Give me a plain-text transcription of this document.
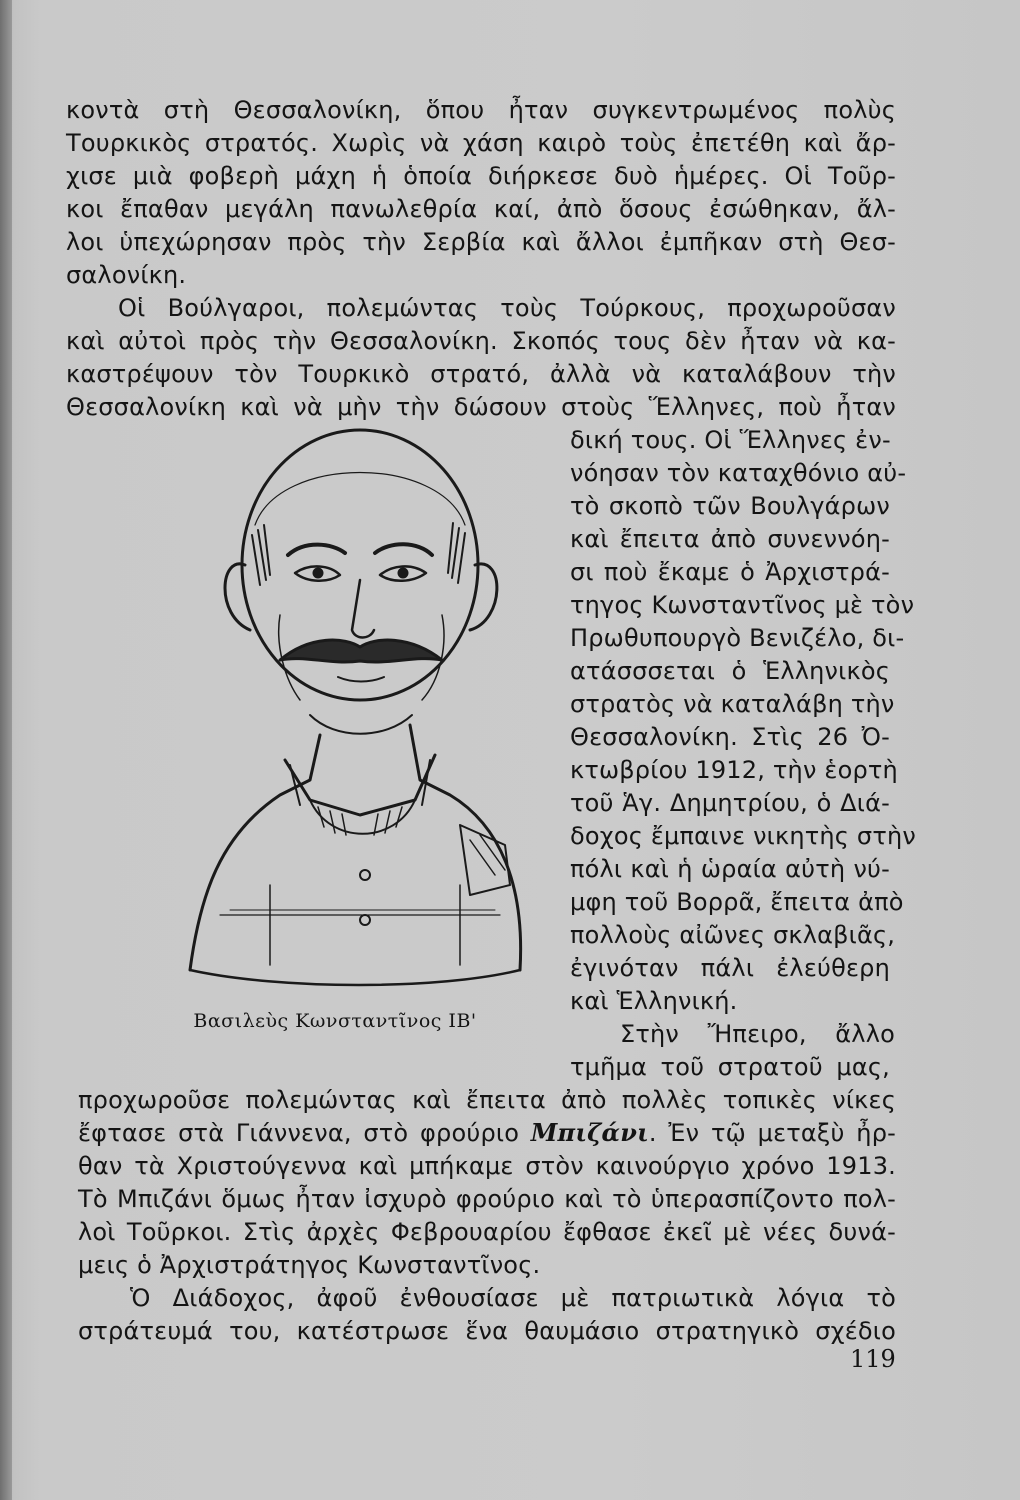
κοντὰ στὴ Θεσσαλονίκη, ὅπου ἦταν συγκεντρωμένος πολὺς
Τουρκικὸς στρατός. Χωρὶς νὰ χάση καιρὸ τοὺς ἐπετέθη καὶ ἄρ-
χισε μιὰ φοβερὴ μάχη ἡ ὁποία διήρκεσε δυὸ ἡμέρες. Οἱ Τοῦρ-
κοι ἔπαθαν μεγάλη πανωλεθρία καί, ἀπὸ ὅσους ἐσώθηκαν, ἄλ-
λοι ὑπεχώρησαν πρὸς τὴν Σερβία καὶ ἄλλοι ἐμπῆκαν στὴ Θεσ-
σαλονίκη.
Οἱ Βούλγαροι, πολεμώντας τοὺς Τούρκους, προχωροῦσαν
καὶ αὐτοὶ πρὸς τὴν Θεσσαλονίκη. Σκοπός τους δὲν ἦταν νὰ κα-
καστρέψουν τὸν Τουρκικὸ στρατό, ἀλλὰ νὰ καταλάβουν τὴν
Θεσσαλονίκη καὶ νὰ μὴν τὴν δώσουν στοὺς Ἕλληνες, ποὺ ἦταν
δική τους. Οἱ Ἕλληνες ἐν-
νόησαν τὸν καταχθόνιο αὐ-
τὸ σκοπὸ τῶν Βουλγάρων
καὶ ἔπειτα ἀπὸ συνεννόη-
σι ποὺ ἔκαμε ὁ Ἀρχιστρά-
τηγος Κωνσταντῖνος μὲ τὸν
Πρωθυπουργὸ Βενιζέλο, δι-
ατάσσσεται ὁ Ἑλληνικὸς
στρατὸς νὰ καταλάβη τὴν
Θεσσαλονίκη. Στὶς 26 Ὀ-
κτωβρίου 1912, τὴν ἑορτὴ
τοῦ Ἁγ. Δημητρίου, ὁ Διά-
δοχος ἔμπαινε νικητὴς στὴν
πόλι καὶ ἡ ὡραία αὐτὴ νύ-
μφη τοῦ Βορρᾶ, ἔπειτα ἀπὸ
πολλοὺς αἰῶνες σκλαβιᾶς,
ἐγινόταν πάλι ἐλεύθερη
καὶ Ἑλληνική.
Στὴν Ἤπειρο, ἄλλο
τμῆμα τοῦ στρατοῦ μας,
Βασιλεὺς Κωνσταντῖνος ΙΒ'
προχωροῦσε πολεμώντας καὶ ἔπειτα ἀπὸ πολλὲς τοπικὲς νίκες
ἔφτασε στὰ Γιάννενα, στὸ φρούριο Μπιζάνι. Ἐν τῷ μεταξὺ ἦρ-
θαν τὰ Χριστούγεννα καὶ μπήκαμε στὸν καινούργιο χρόνο 1913.
Τὸ Μπιζάνι ὅμως ἦταν ἰσχυρὸ φρούριο καὶ τὸ ὑπερασπίζοντο πολ-
λοὶ Τοῦρκοι. Στὶς ἀρχὲς Φεβρουαρίου ἔφθασε ἐκεῖ μὲ νέες δυνά-
μεις ὁ Ἀρχιστράτηγος Κωνσταντῖνος.
Ὁ Διάδοχος, ἀφοῦ ἐνθουσίασε μὲ πατριωτικὰ λόγια τὸ
στράτευμά του, κατέστρωσε ἕνα θαυμάσιο στρατηγικὸ σχέδιο
119
